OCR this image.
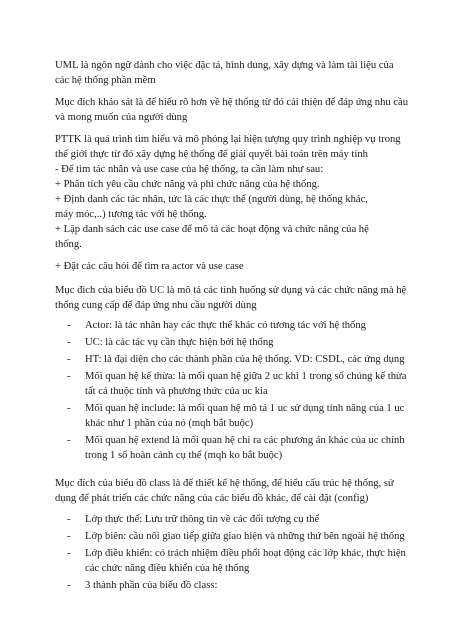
UML là ngôn ngữ dành cho việc đặc tả, hình dung, xây dựng và làm tài liệu của
các hệ thống phần mềm
Mục đích khảo sát là để hiểu rõ hơn về hệ thống từ đó cải thiện để đáp ứng nhu cầu
và mong muốn của người dùng
PTTK là quá trình tìm hiểu và mô phỏng lại hiện tượng quy trình nghiệp vụ trong
thế giới thực từ đó xây dựng hệ thống để giải quyết bài toán trên máy tính
- Để tìm tác nhân và use case của hệ thống, ta cần làm như sau:
+ Phân tích yêu cầu chức năng và phi chức năng của hệ thống.
+ Định danh các tác nhân, tức là các thực thể (người dùng, hệ thống khác,
máy móc,..) tương tác với hệ thống.
+ Lập danh sách các use case để mô tả các hoạt động và chức năng của hệ
thống.
+ Đặt các câu hỏi để tìm ra actor và use case
Mục đích của biểu đồ UC là mô tả các tình huống sử dụng và các chức năng mà hệ
thống cung cấp để đáp ứng nhu cầu người dùng
- Actor: là tác nhân hay các thực thể khác có tương tác với hệ thống
- UC: là các tác vụ cần thực hiện bởi hệ thống
- HT: là đại diện cho các thành phần của hệ thống. VD: CSDL, các ứng dụng
- Mối quan hệ kế thừa: là mối quan hệ giữa 2 uc khi 1 trong số chúng kế thừa
tất cả thuộc tính và phương thức của uc kia
- Mối quan hệ include: là mối quan hệ mô tả 1 uc sử dụng tính năng của 1 uc
khác như 1 phần của nó (mqh bắt buộc)
- Mối quan hệ extend là mối quan hệ chỉ ra các phương án khác của uc chính
trong 1 số hoàn cảnh cụ thể (mqh ko bắt buộc)
Mục đích của biểu đồ class là để thiết kế hệ thống, để hiểu cấu trúc hệ thống, sử
dụng để phát triển các chức năng của các biểu đồ khác, để cài đặt (config)
- Lớp thực thể: Lưu trữ thông tin về các đối tượng cụ thể
- Lớp biên: cầu nối giao tiếp giữa giao hiện và những thứ bên ngoài hệ thống
- Lớp điều khiển: có trách nhiệm điều phối hoạt động các lớp khác, thực hiện
các chức năng điều khiển của hệ thống
- 3 thành phần của biểu đồ class:
